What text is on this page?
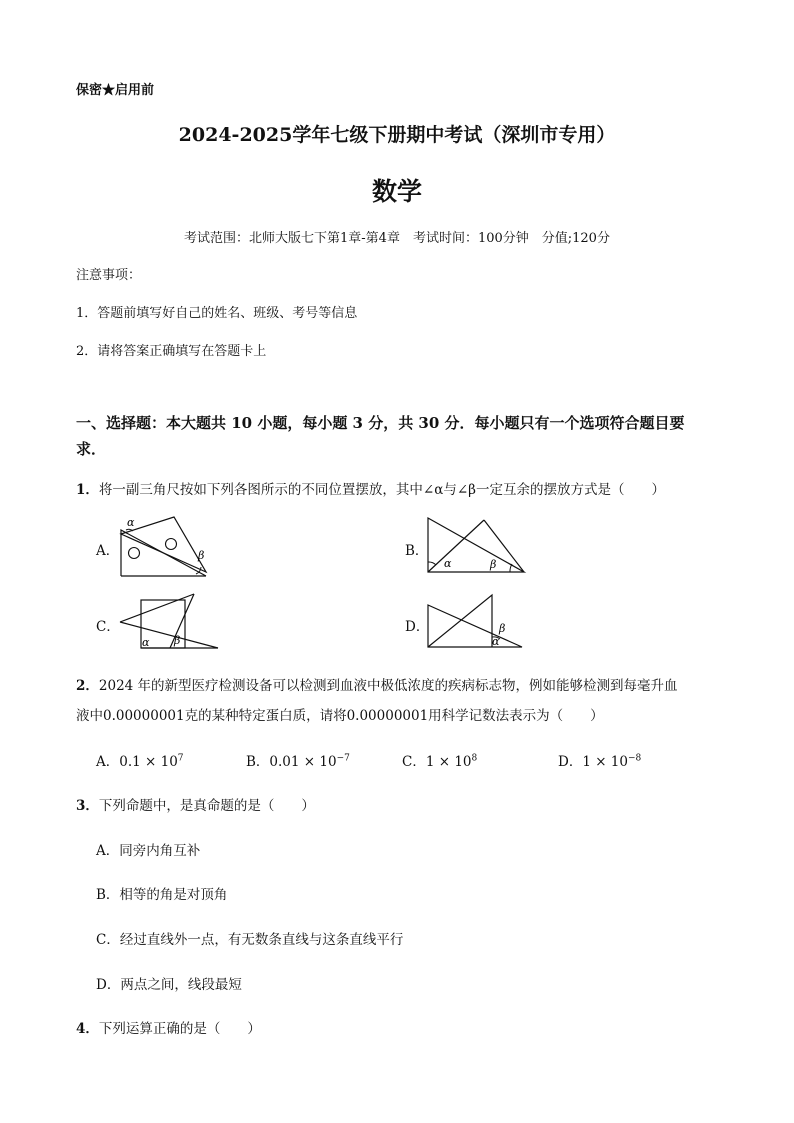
保密★启用前
2024-2025学年七级下册期中考试（深圳市专用）
数学
考试范围：北师大版七下第1章-第4章　考试时间：100分钟　分值;120分
注意事项：
1．答题前填写好自己的姓名、班级、考号等信息
2．请将答案正确填写在答题卡上
一、选择题：本大题共 10 小题，每小题 3 分，共 30 分．每小题只有一个选项符合题目要
求．
1．将一副三角尺按如下列各图所示的不同位置摆放，其中∠α与∠β一定互余的摆放方式是（　　）
A．	B．
C．	D．
α
β
α	β
α β
β
α
2．2024 年的新型医疗检测设备可以检测到血液中极低浓度的疾病标志物，例如能够检测到每毫升血
液中0.00000001克的某种特定蛋白质，请将0.00000001用科学记数法表示为（　　）
A．$0.1 \times 10^7$	B．$0.01 \times 10^{-7}$	C．$1 \times 10^8$	D．$1 \times 10^{-8}$
3．下列命题中，是真命题的是（　　）
A．同旁内角互补
B．相等的角是对顶角
C．经过直线外一点，有无数条直线与这条直线平行
D．两点之间，线段最短
4．下列运算正确的是（　　）
